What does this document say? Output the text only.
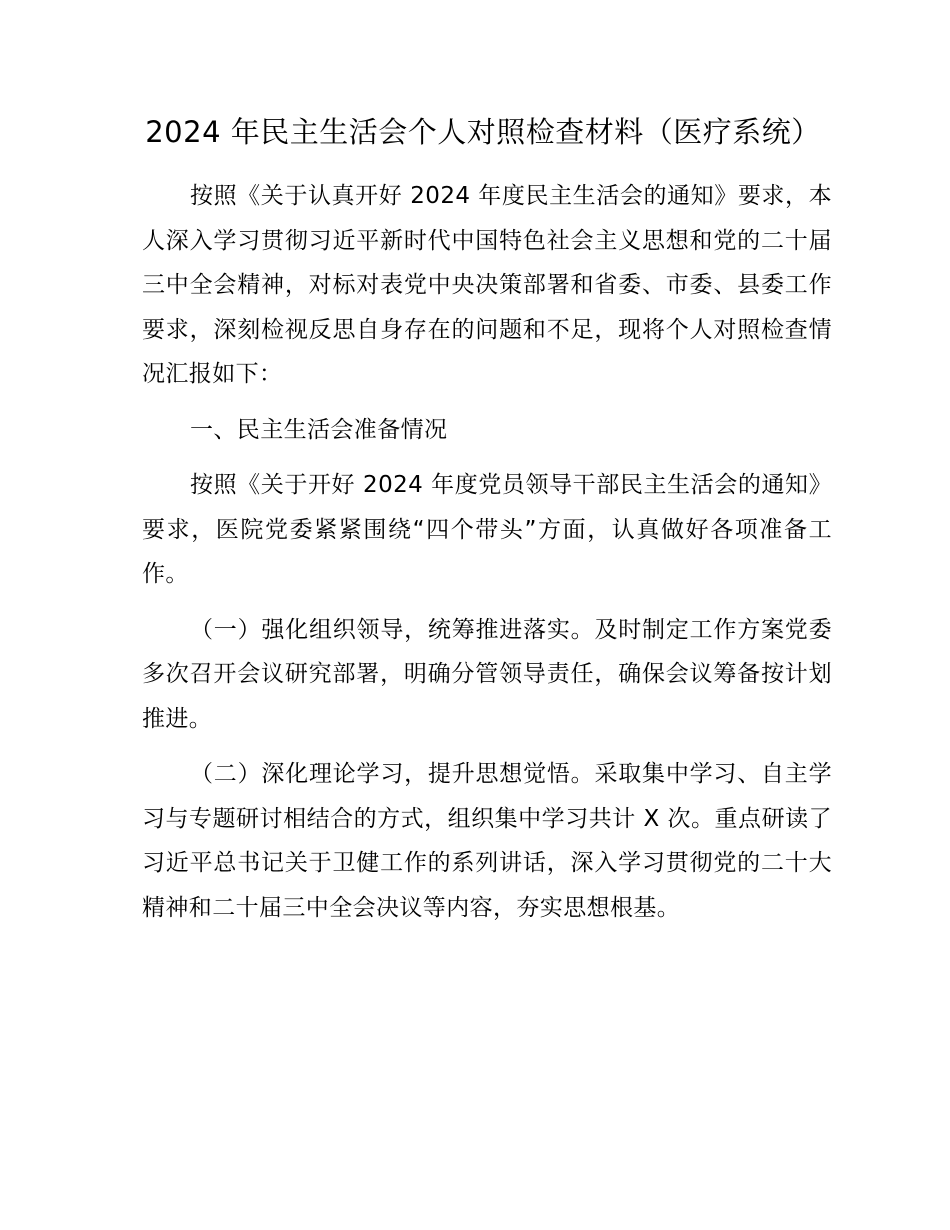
2024 年民主生活会个人对照检查材料（医疗系统）

按照《关于认真开好 2024 年度民主生活会的通知》要求，本人深入学习贯彻习近平新时代中国特色社会主义思想和党的二十届三中全会精神，对标对表党中央决策部署和省委、市委、县委工作要求，深刻检视反思自身存在的问题和不足，现将个人对照检查情况汇报如下：

一、民主生活会准备情况

按照《关于开好 2024 年度党员领导干部民主生活会的通知》要求，医院党委紧紧围绕“四个带头”方面，认真做好各项准备工作。

（一）强化组织领导，统筹推进落实。及时制定工作方案党委多次召开会议研究部署，明确分管领导责任，确保会议筹备按计划推进。

（二）深化理论学习，提升思想觉悟。采取集中学习、自主学习与专题研讨相结合的方式，组织集中学习共计 X 次。重点研读了习近平总书记关于卫健工作的系列讲话，深入学习贯彻党的二十大精神和二十届三中全会决议等内容，夯实思想根基。
